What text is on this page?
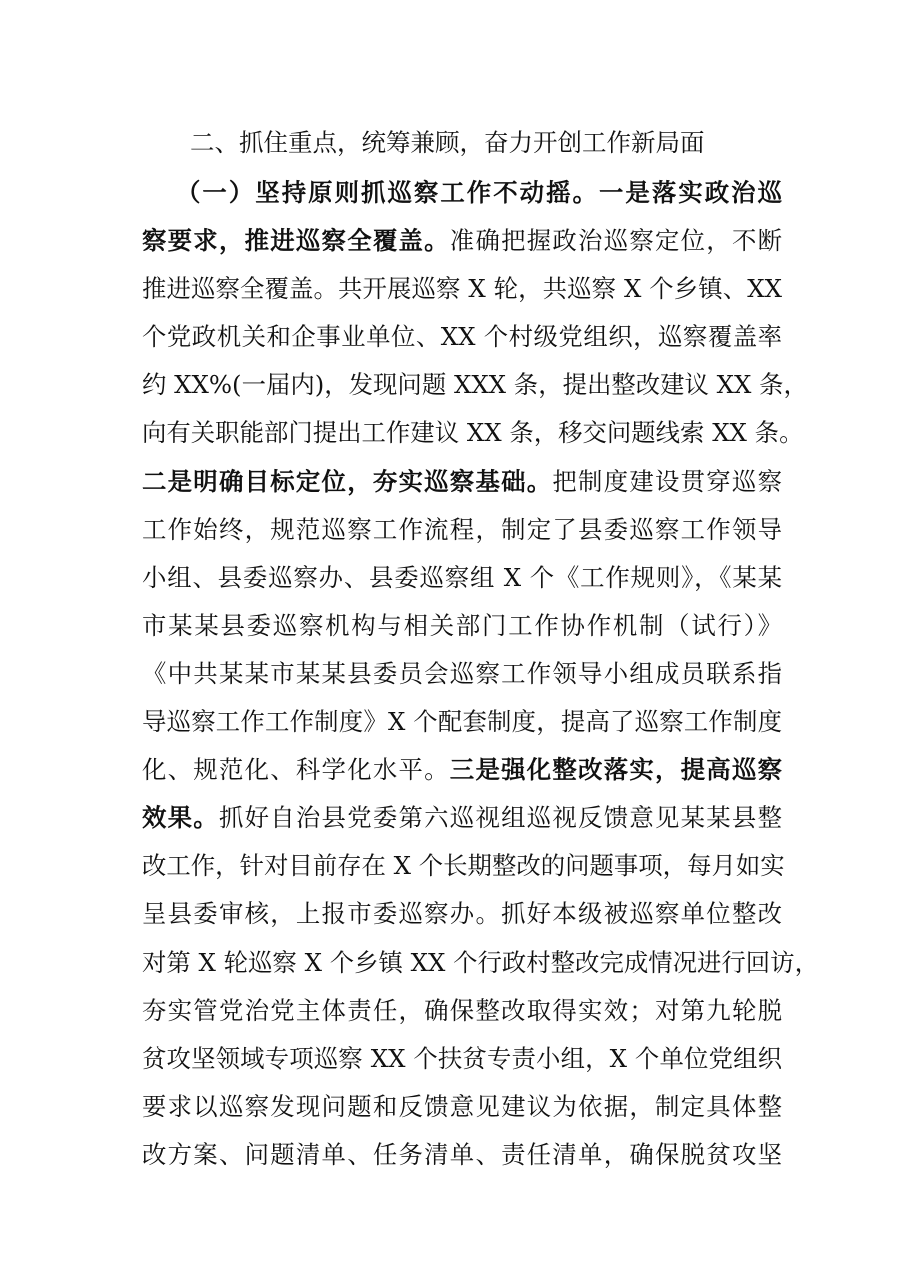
二、抓住重点，统筹兼顾，奋力开创工作新局面
（一）坚持原则抓巡察工作不动摇。一是落实政治巡
察要求，推进巡察全覆盖。准确把握政治巡察定位，不断
推进巡察全覆盖。共开展巡察 X 轮，共巡察 X 个乡镇、XX
个党政机关和企事业单位、XX 个村级党组织，巡察覆盖率
约 XX%(一届内)，发现问题 XXX 条，提出整改建议 XX 条，
向有关职能部门提出工作建议 XX 条，移交问题线索 XX 条。
二是明确目标定位，夯实巡察基础。把制度建设贯穿巡察
工作始终，规范巡察工作流程，制定了县委巡察工作领导
小组、县委巡察办、县委巡察组 X 个《工作规则》，《某某
市某某县委巡察机构与相关部门工作协作机制（试行）》
《中共某某市某某县委员会巡察工作领导小组成员联系指
导巡察工作工作制度》X 个配套制度，提高了巡察工作制度
化、规范化、科学化水平。三是强化整改落实，提高巡察
效果。抓好自治县党委第六巡视组巡视反馈意见某某县整
改工作，针对目前存在 X 个长期整改的问题事项，每月如实
呈县委审核，上报市委巡察办。抓好本级被巡察单位整改
对第 X 轮巡察 X 个乡镇 XX 个行政村整改完成情况进行回访，
夯实管党治党主体责任，确保整改取得实效；对第九轮脱
贫攻坚领域专项巡察 XX 个扶贫专责小组，X 个单位党组织
要求以巡察发现问题和反馈意见建议为依据，制定具体整
改方案、问题清单、任务清单、责任清单，确保脱贫攻坚
